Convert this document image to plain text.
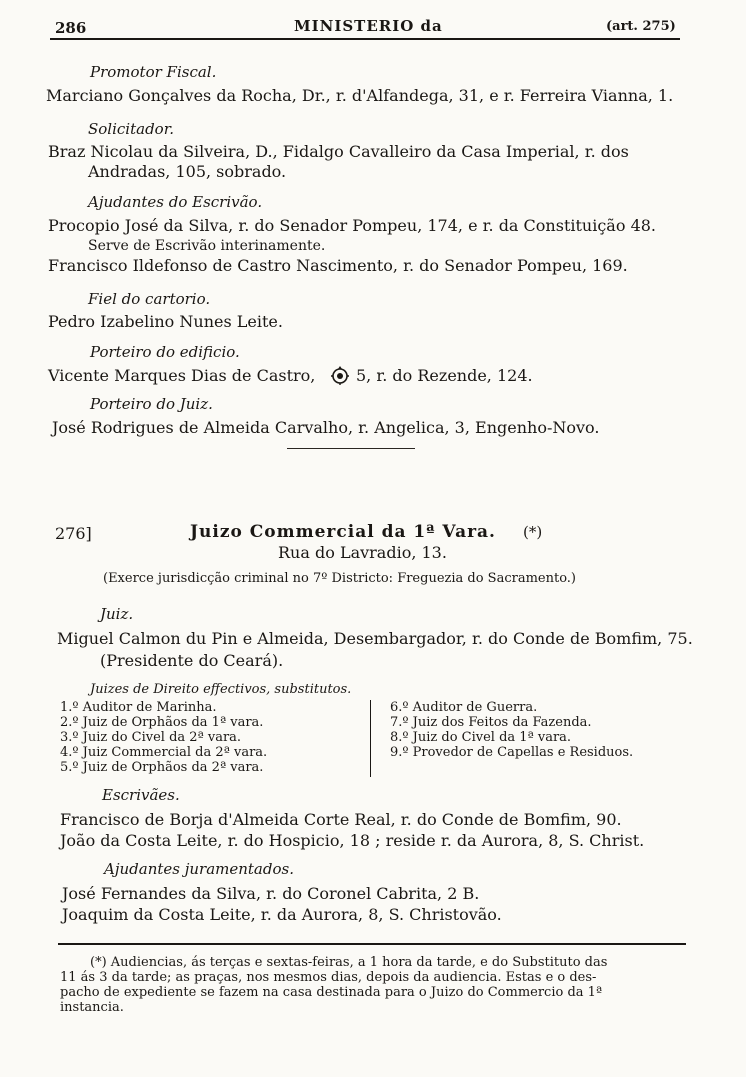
286	MINISTERIO da	(art. 275)
Promotor Fiscal.
Marciano Gonçalves da Rocha, Dr., r. d'Alfandega, 31, e r. Ferreira Vianna, 1.
Solicitador.
Braz Nicolau da Silveira, D., Fidalgo Cavalleiro da Casa Imperial, r. dos
Andradas, 105, sobrado.
Ajudantes do Escrivão.
Procopio José da Silva, r. do Senador Pompeu, 174, e r. da Constituição 48.
Serve de Escrivão interinamente.
Francisco Ildefonso de Castro Nascimento, r. do Senador Pompeu, 169.
Fiel do cartorio.
Pedro Izabelino Nunes Leite.
Porteiro do edificio.
Vicente Marques Dias de Castro,	5, r. do Rezende, 124.
Porteiro do Juiz.
José Rodrigues de Almeida Carvalho, r. Angelica, 3, Engenho-Novo.
276]	Juizo Commercial da 1ª Vara. (*)
Rua do Lavradio, 13.
(Exerce jurisdicção criminal no 7º Districto: Freguezia do Sacramento.)
Juiz.
Miguel Calmon du Pin e Almeida, Desembargador, r. do Conde de Bomfim, 75.
(Presidente do Ceará).
Juizes de Direito effectivos, substitutos.
1.º Auditor de Marinha.
2.º Juiz de Orphãos da 1ª vara.
3.º Juiz do Civel da 2ª vara.
4.º Juiz Commercial da 2ª vara.
5.º Juiz de Orphãos da 2ª vara.
6.º Auditor de Guerra.
7.º Juiz dos Feitos da Fazenda.
8.º Juiz do Civel da 1ª vara.
9.º Provedor de Capellas e Residuos.
Escrivães.
Francisco de Borja d'Almeida Corte Real, r. do Conde de Bomfim, 90.
João da Costa Leite, r. do Hospicio, 18 ; reside r. da Aurora, 8, S. Christ.
Ajudantes juramentados.
José Fernandes da Silva, r. do Coronel Cabrita, 2 B.
Joaquim da Costa Leite, r. da Aurora, 8, S. Christovão.
(*) Audiencias, ás terças e sextas-feiras, a 1 hora da tarde, e do Substituto das
11 ás 3 da tarde; as praças, nos mesmos dias, depois da audiencia. Estas e o des-
pacho de expediente se fazem na casa destinada para o Juizo do Commercio da 1ª
instancia.
